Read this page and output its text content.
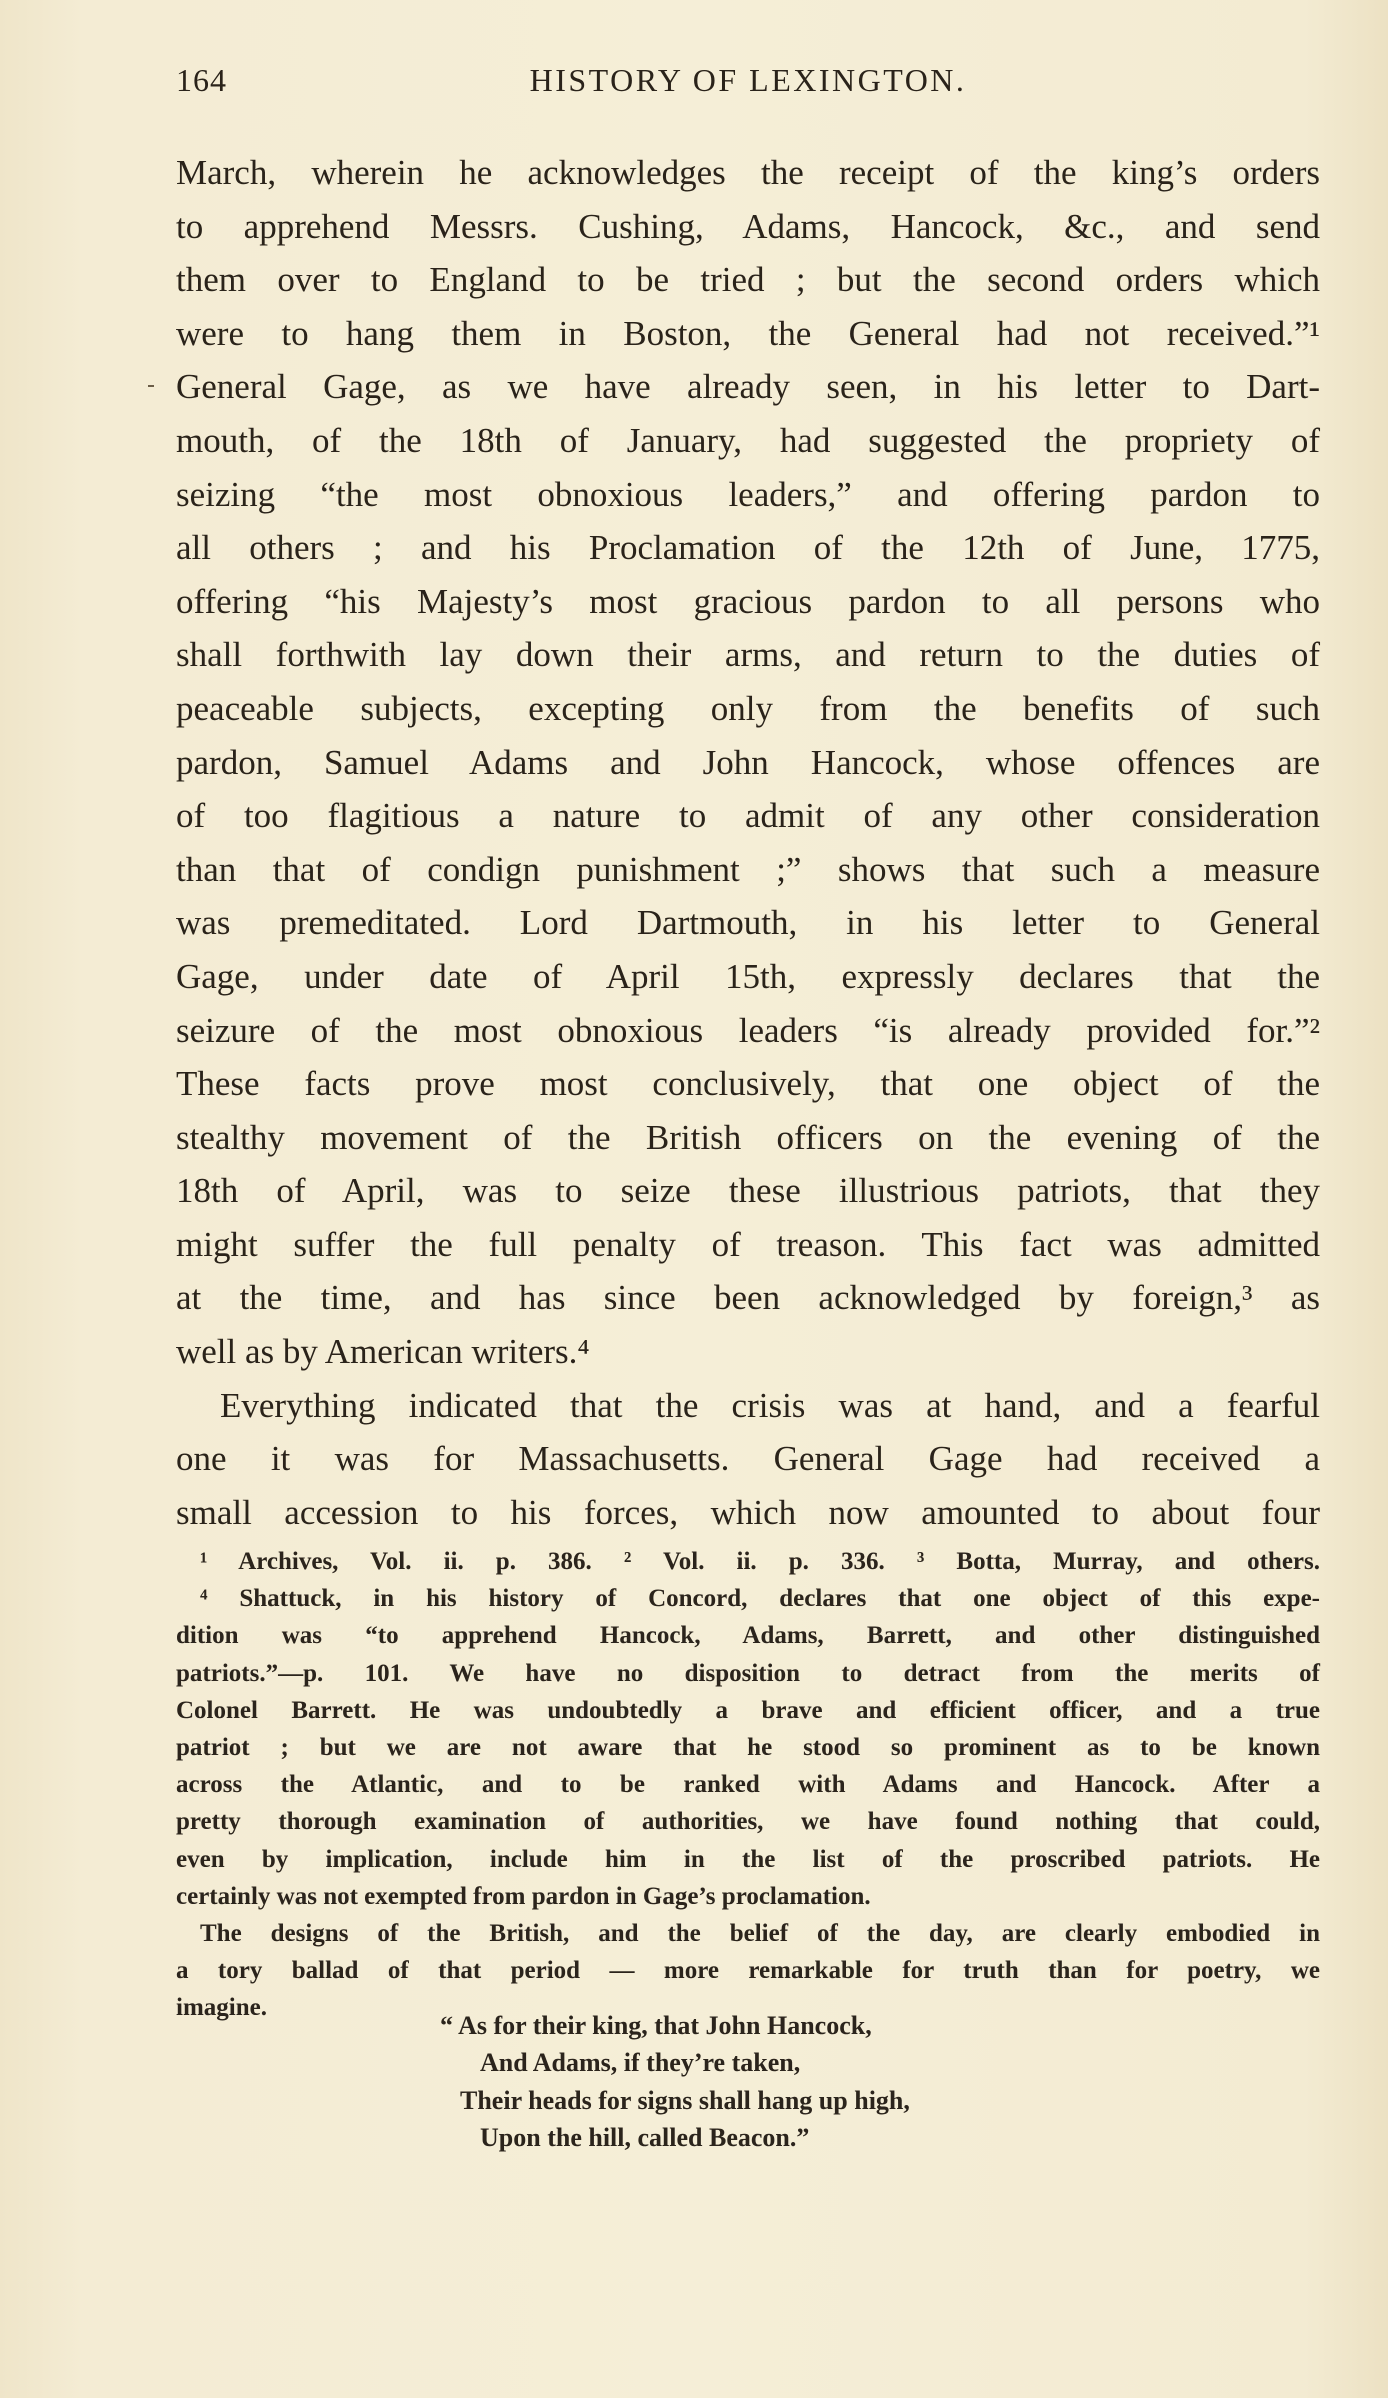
164	HISTORY OF LEXINGTON.
March, wherein he acknowledges the receipt of the king’s orders
to apprehend Messrs. Cushing, Adams, Hancock, &c., and send
them over to England to be tried ; but the second orders which
were to hang them in Boston, the General had not received.”¹
General Gage, as we have already seen, in his letter to Dart-
mouth, of the 18th of January, had suggested the propriety of
seizing “the most obnoxious leaders,” and offering pardon to
all others ; and his Proclamation of the 12th of June, 1775,
offering “his Majesty’s most gracious pardon to all persons who
shall forthwith lay down their arms, and return to the duties of
peaceable subjects, excepting only from the benefits of such
pardon, Samuel Adams and John Hancock, whose offences are
of too flagitious a nature to admit of any other consideration
than that of condign punishment ;” shows that such a measure
was premeditated. Lord Dartmouth, in his letter to General
Gage, under date of April 15th, expressly declares that the
seizure of the most obnoxious leaders “is already provided for.”²
These facts prove most conclusively, that one object of the
stealthy movement of the British officers on the evening of the
18th of April, was to seize these illustrious patriots, that they
might suffer the full penalty of treason. This fact was admitted
at the time, and has since been acknowledged by foreign,³ as
well as by American writers.⁴
Everything indicated that the crisis was at hand, and a fearful
one it was for Massachusetts. General Gage had received a
small accession to his forces, which now amounted to about four
¹ Archives, Vol. ii. p. 386. ² Vol. ii. p. 336. ³ Botta, Murray, and others.
⁴ Shattuck, in his history of Concord, declares that one object of this expe-
dition was “to apprehend Hancock, Adams, Barrett, and other distinguished
patriots.”—p. 101. We have no disposition to detract from the merits of
Colonel Barrett. He was undoubtedly a brave and efficient officer, and a true
patriot ; but we are not aware that he stood so prominent as to be known
across the Atlantic, and to be ranked with Adams and Hancock. After a
pretty thorough examination of authorities, we have found nothing that could,
even by implication, include him in the list of the proscribed patriots. He
certainly was not exempted from pardon in Gage’s proclamation.
The designs of the British, and the belief of the day, are clearly embodied in
a tory ballad of that period — more remarkable for truth than for poetry, we
imagine.
“ As for their king, that John Hancock,
And Adams, if they’re taken,
Their heads for signs shall hang up high,
Upon the hill, called Beacon.”
